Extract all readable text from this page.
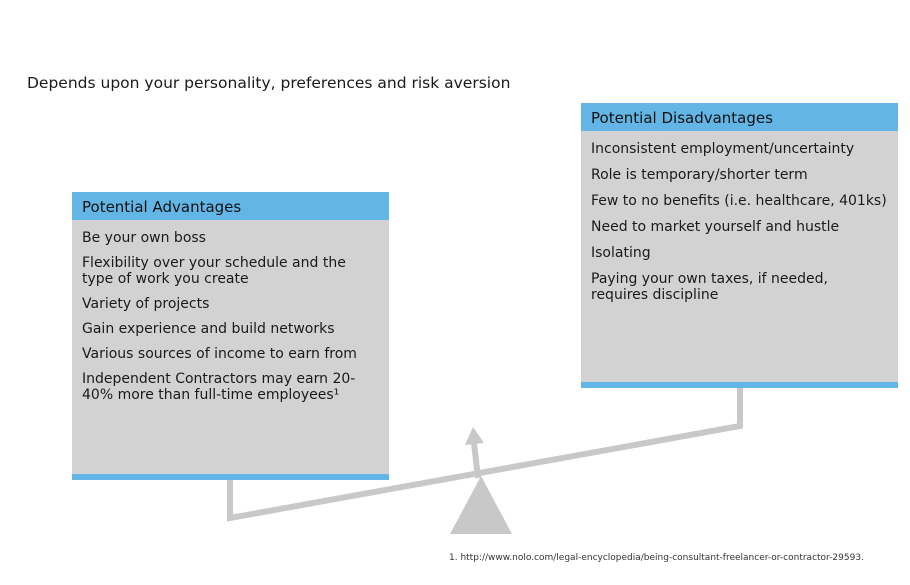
Depends upon your personality, preferences and risk aversion
Potential Advantages
Be your own boss
Flexibility over your schedule and the type of work you create
Variety of projects
Gain experience and build networks
Various sources of income to earn from
Independent Contractors may earn 20-40% more than full-time employees¹
Potential Disadvantages
Inconsistent employment/uncertainty
Role is temporary/shorter term
Few to no benefits (i.e. healthcare, 401ks)
Need to market yourself and hustle
Isolating
Paying your own taxes, if needed, requires discipline
1. http://www.nolo.com/legal-encyclopedia/being-consultant-freelancer-or-contractor-29593.
